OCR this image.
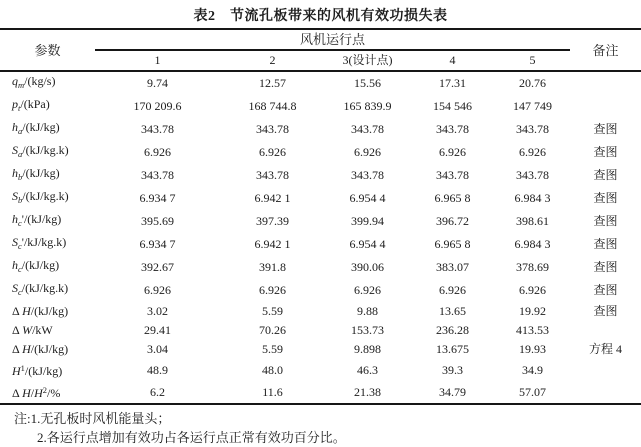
表2　节流孔板带来的风机有效功损失表
参数	风机运行点					备注
	1	2	3(设计点)	4	5	
$q_m/(kg/s)$	9.74	12.57	15.56	17.31	20.76	
$p_t/(kPa)$	170 209.6	168 744.8	165 839.9	154 546	147 749	
$h_a/(kJ/kg)$	343.78	343.78	343.78	343.78	343.78	查图
$S_a/(kJ/kg.k)$	6.926	6.926	6.926	6.926	6.926	查图
$h_b/(kJ/kg)$	343.78	343.78	343.78	343.78	343.78	查图
$S_b/(kJ/kg.k)$	6.934 7	6.942 1	6.954 4	6.965 8	6.984 3	查图
$h_c'/(kJ/kg)$	395.69	397.39	399.94	396.72	398.61	查图
$S_c'/kJ/kg.k$)	6.934 7	6.942 1	6.954 4	6.965 8	6.984 3	查图
$h_c/(kJ/kg)$	392.67	391.8	390.06	383.07	378.69	查图
$S_c/(kJ/kg.k)$	6.926	6.926	6.926	6.926	6.926	查图
Δ H/(kJ/kg)	3.02	5.59	9.88	13.65	19.92	查图
Δ W/kW	29.41	70.26	153.73	236.28	413.53	
Δ H/(kJ/kg)	3.04	5.59	9.898	13.675	19.93	方程 4
$H^1/(kJ/kg)$	48.9	48.0	46.3	39.3	34.9	
Δ $H/H^2/\%$	6.2	11.6	21.38	34.79	57.07	
注:1.无孔板时风机能量头；
2.各运行点增加有效功占各运行点正常有效功百分比。
